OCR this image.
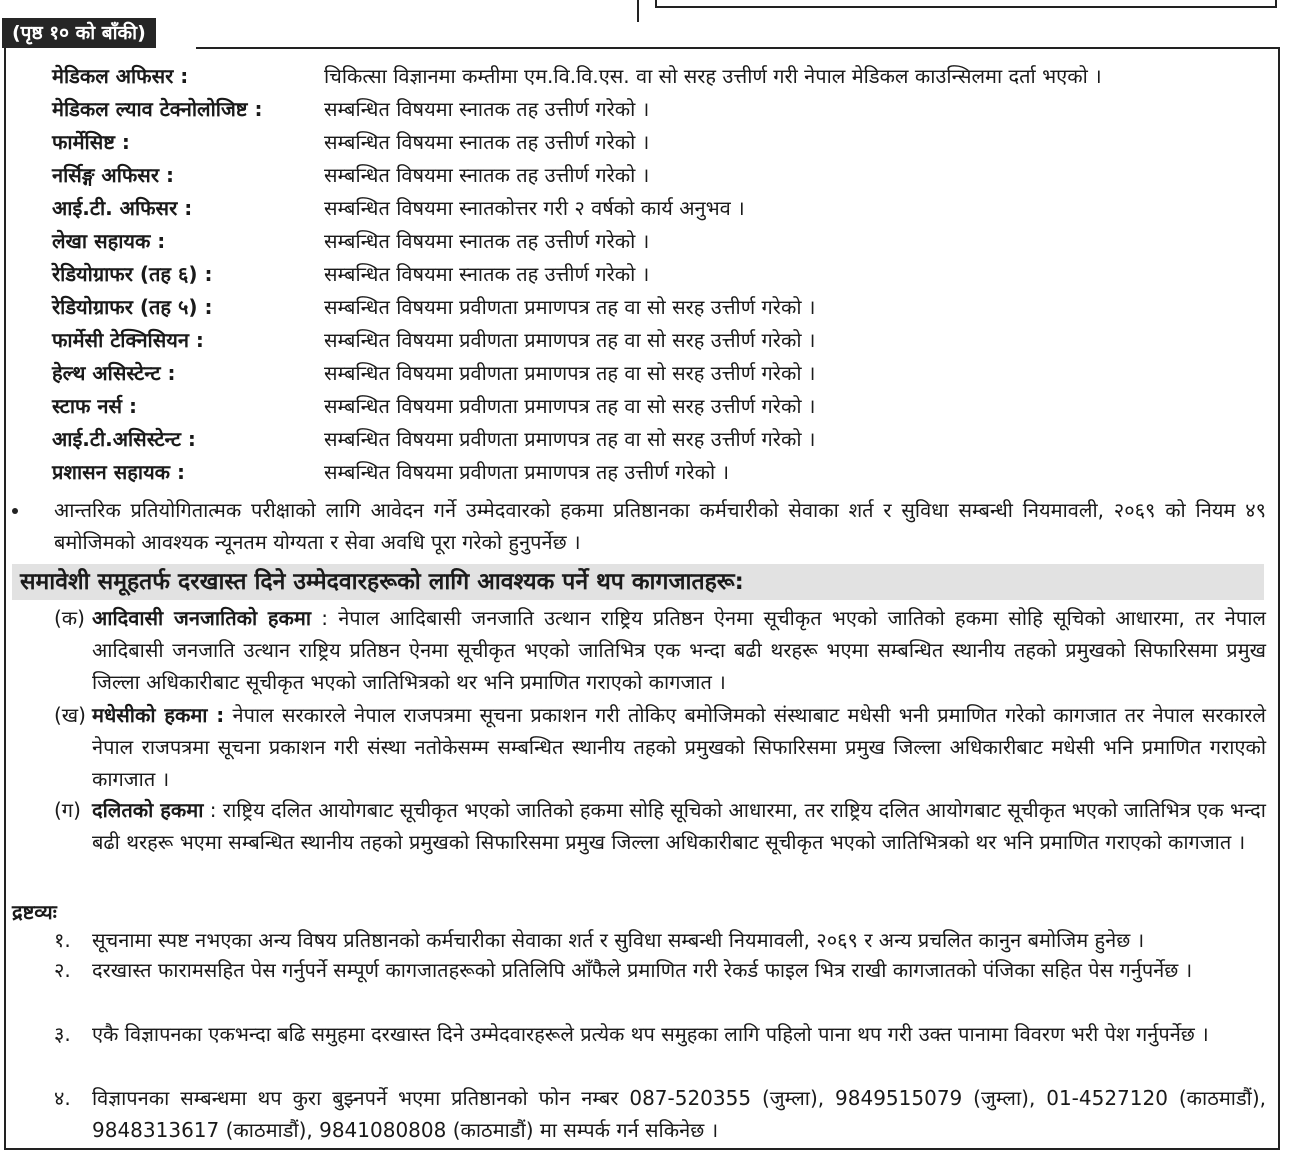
(पृष्ठ १० को बाँकी)
मेडिकल अफिसर :	चिकित्सा विज्ञानमा कम्तीमा एम.वि.वि.एस. वा सो सरह उत्तीर्ण गरी नेपाल मेडिकल काउन्सिलमा दर्ता भएको ।
मेडिकल ल्याव टेक्नोलोजिष्ट :	सम्बन्धित विषयमा स्नातक तह उत्तीर्ण गरेको ।
फार्मेसिष्ट :	सम्बन्धित विषयमा स्नातक तह उत्तीर्ण गरेको ।
नर्सिङ्ग अफिसर :	सम्बन्धित विषयमा स्नातक तह उत्तीर्ण गरेको ।
आई.टी. अफिसर :	सम्बन्धित विषयमा स्नातकोत्तर गरी २ वर्षको कार्य अनुभव ।
लेखा सहायक :	सम्बन्धित विषयमा स्नातक तह उत्तीर्ण गरेको ।
रेडियोग्राफर (तह ६) :	सम्बन्धित विषयमा स्नातक तह उत्तीर्ण गरेको ।
रेडियोग्राफर (तह ५) :	सम्बन्धित विषयमा प्रवीणता प्रमाणपत्र तह वा सो सरह उत्तीर्ण गरेको ।
फार्मेसी टेक्निसियन :	सम्बन्धित विषयमा प्रवीणता प्रमाणपत्र तह वा सो सरह उत्तीर्ण गरेको ।
हेल्थ असिस्टेन्ट :	सम्बन्धित विषयमा प्रवीणता प्रमाणपत्र तह वा सो सरह उत्तीर्ण गरेको ।
स्टाफ नर्स :	सम्बन्धित विषयमा प्रवीणता प्रमाणपत्र तह वा सो सरह उत्तीर्ण गरेको ।
आई.टी.असिस्टेन्ट :	सम्बन्धित विषयमा प्रवीणता प्रमाणपत्र तह वा सो सरह उत्तीर्ण गरेको ।
प्रशासन सहायक :	सम्बन्धित विषयमा प्रवीणता प्रमाणपत्र तह उत्तीर्ण गरेको ।
आन्तरिक प्रतियोगितात्मक परीक्षाको लागि आवेदन गर्ने उम्मेदवारको हकमा प्रतिष्ठानका कर्मचारीको सेवाका शर्त र सुविधा सम्बन्धी नियमावली, २०६९ को नियम ४९ बमोजिमको आवश्यक न्यूनतम योग्यता र सेवा अवधि पूरा गरेको हुनुपर्नेछ ।
समावेशी समूहतर्फ दरखास्त दिने उम्मेदवारहरूको लागि आवश्यक पर्ने थप कागजातहरू:
(क) आदिवासी जनजातिको हकमा : नेपाल आदिबासी जनजाति उत्थान राष्ट्रिय प्रतिष्ठन ऐनमा सूचीकृत भएको जातिको हकमा सोहि सूचिको आधारमा, तर नेपाल आदिबासी जनजाति उत्थान राष्ट्रिय प्रतिष्ठन ऐनमा सूचीकृत भएको जातिभित्र एक भन्दा बढी थरहरू भएमा सम्बन्धित स्थानीय तहको प्रमुखको सिफारिसमा प्रमुख जिल्ला अधिकारीबाट सूचीकृत भएको जातिभित्रको थर भनि प्रमाणित गराएको कागजात ।
(ख) मधेसीको हकमा : नेपाल सरकारले नेपाल राजपत्रमा सूचना प्रकाशन गरी तोकिए बमोजिमको संस्थाबाट मधेसी भनी प्रमाणित गरेको कागजात तर नेपाल सरकारले नेपाल राजपत्रमा सूचना प्रकाशन गरी संस्था नतोकेसम्म सम्बन्धित स्थानीय तहको प्रमुखको सिफारिसमा प्रमुख जिल्ला अधिकारीबाट मधेसी भनि प्रमाणित गराएको कागजात ।
(ग) दलितको हकमा : राष्ट्रिय दलित आयोगबाट सूचीकृत भएको जातिको हकमा सोहि सूचिको आधारमा, तर राष्ट्रिय दलित आयोगबाट सूचीकृत भएको जातिभित्र एक भन्दा बढी थरहरू भएमा सम्बन्धित स्थानीय तहको प्रमुखको सिफारिसमा प्रमुख जिल्ला अधिकारीबाट सूचीकृत भएको जातिभित्रको थर भनि प्रमाणित गराएको कागजात ।
द्रष्टव्यः
१. सूचनामा स्पष्ट नभएका अन्य विषय प्रतिष्ठानको कर्मचारीका सेवाका शर्त र सुविधा सम्बन्धी नियमावली, २०६९ र अन्य प्रचलित कानुन बमोजिम हुनेछ ।
२. दरखास्त फारामसहित पेस गर्नुपर्ने सम्पूर्ण कागजातहरूको प्रतिलिपि आँफैले प्रमाणित गरी रेकर्ड फाइल भित्र राखी कागजातको पंजिका सहित पेस गर्नुपर्नेछ ।
३. एकै विज्ञापनका एकभन्दा बढि समुहमा दरखास्त दिने उम्मेदवारहरूले प्रत्येक थप समुहका लागि पहिलो पाना थप गरी उक्त पानामा विवरण भरी पेश गर्नुपर्नेछ ।
४. विज्ञापनका सम्बन्धमा थप कुरा बुझ्नपर्ने भएमा प्रतिष्ठानको फोन नम्बर 087-520355 (जुम्ला), 9849515079 (जुम्ला), 01-4527120 (काठमाडौं), 9848313617 (काठमाडौं), 9841080808 (काठमाडौं) मा सम्पर्क गर्न सकिनेछ ।
